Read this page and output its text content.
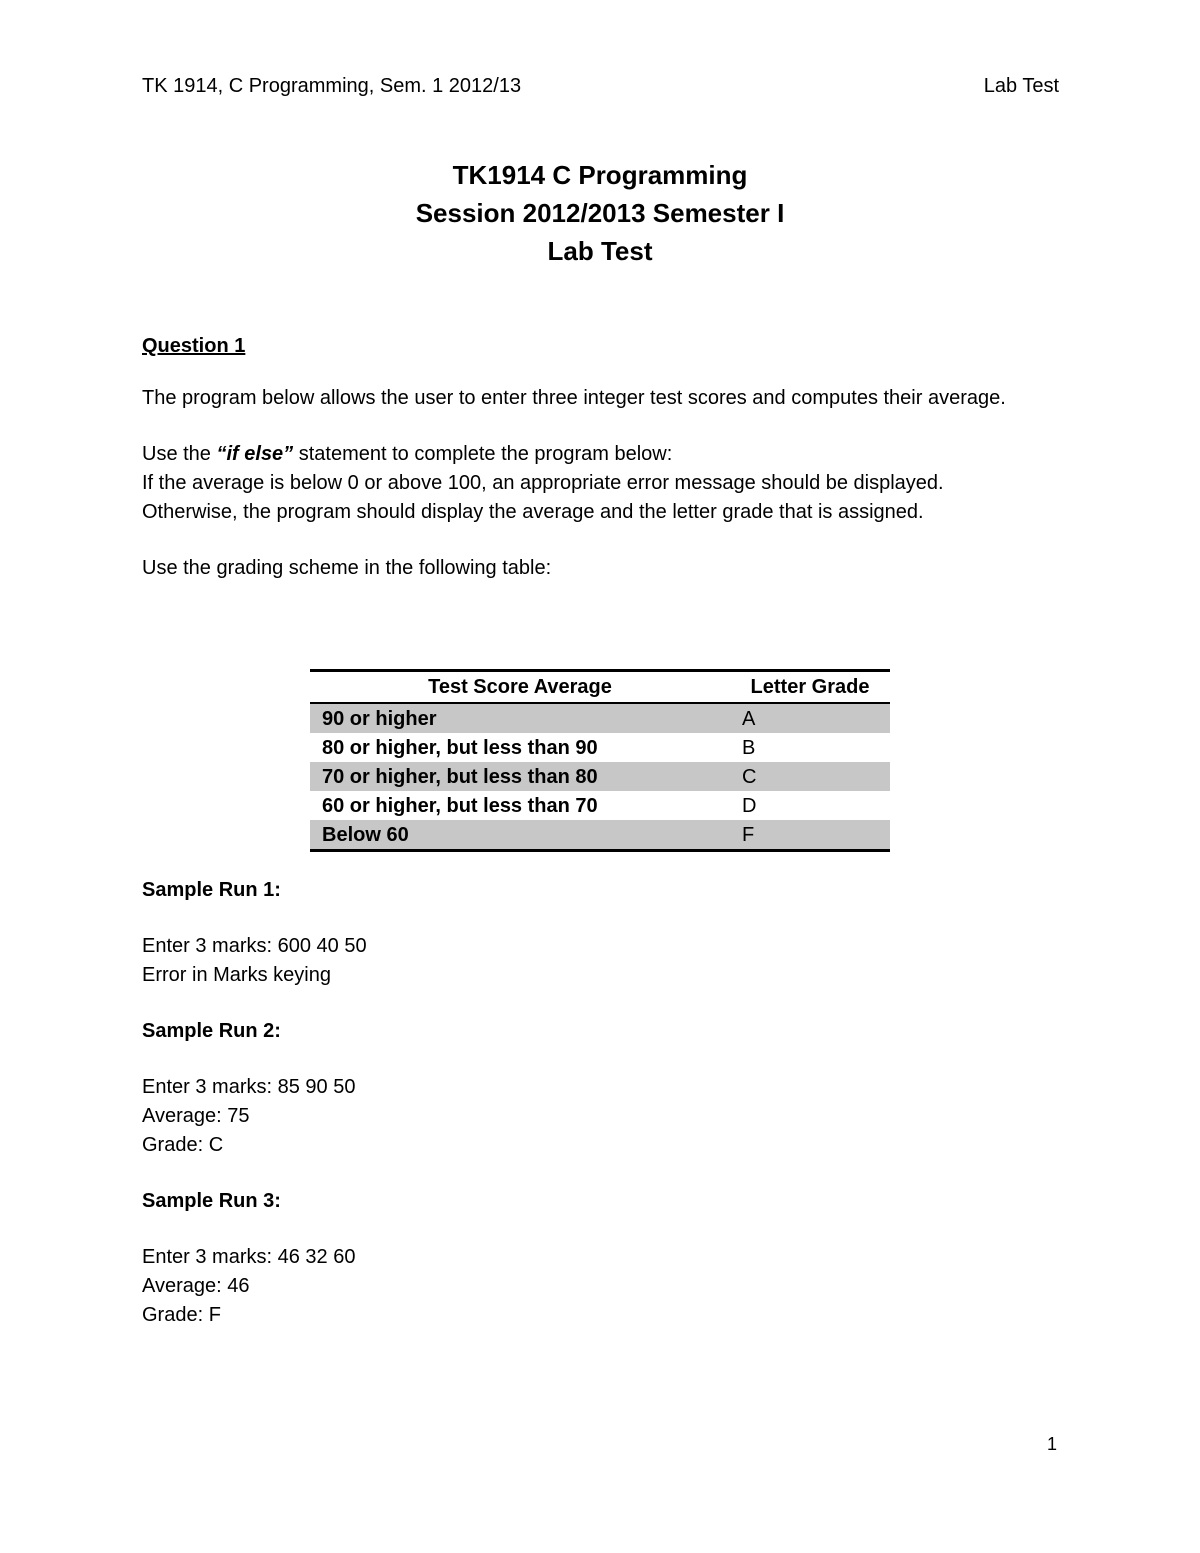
TK 1914, C Programming, Sem. 1 2012/13	Lab Test
TK1914 C Programming
Session 2012/2013 Semester I
Lab Test

Question 1

The program below allows the user to enter three integer test scores and computes their average.

Use the “if else” statement to complete the program below:

If the average is below 0 or above 100, an appropriate error message should be displayed.

Otherwise, the program should display the average and the letter grade that is assigned.

Use the grading scheme in the following table:

Test Score Average	Letter Grade
90 or higher	A
80 or higher, but less than 90	B
70 or higher, but less than 80	C
60 or higher, but less than 70	D
Below 60	F

Sample Run 1:

Enter 3 marks: 600 40 50

Error in Marks keying

Sample Run 2:

Enter 3 marks: 85 90 50

Average: 75

Grade: C

Sample Run 3:

Enter 3 marks: 46 32 60

Average: 46

Grade: F

1
